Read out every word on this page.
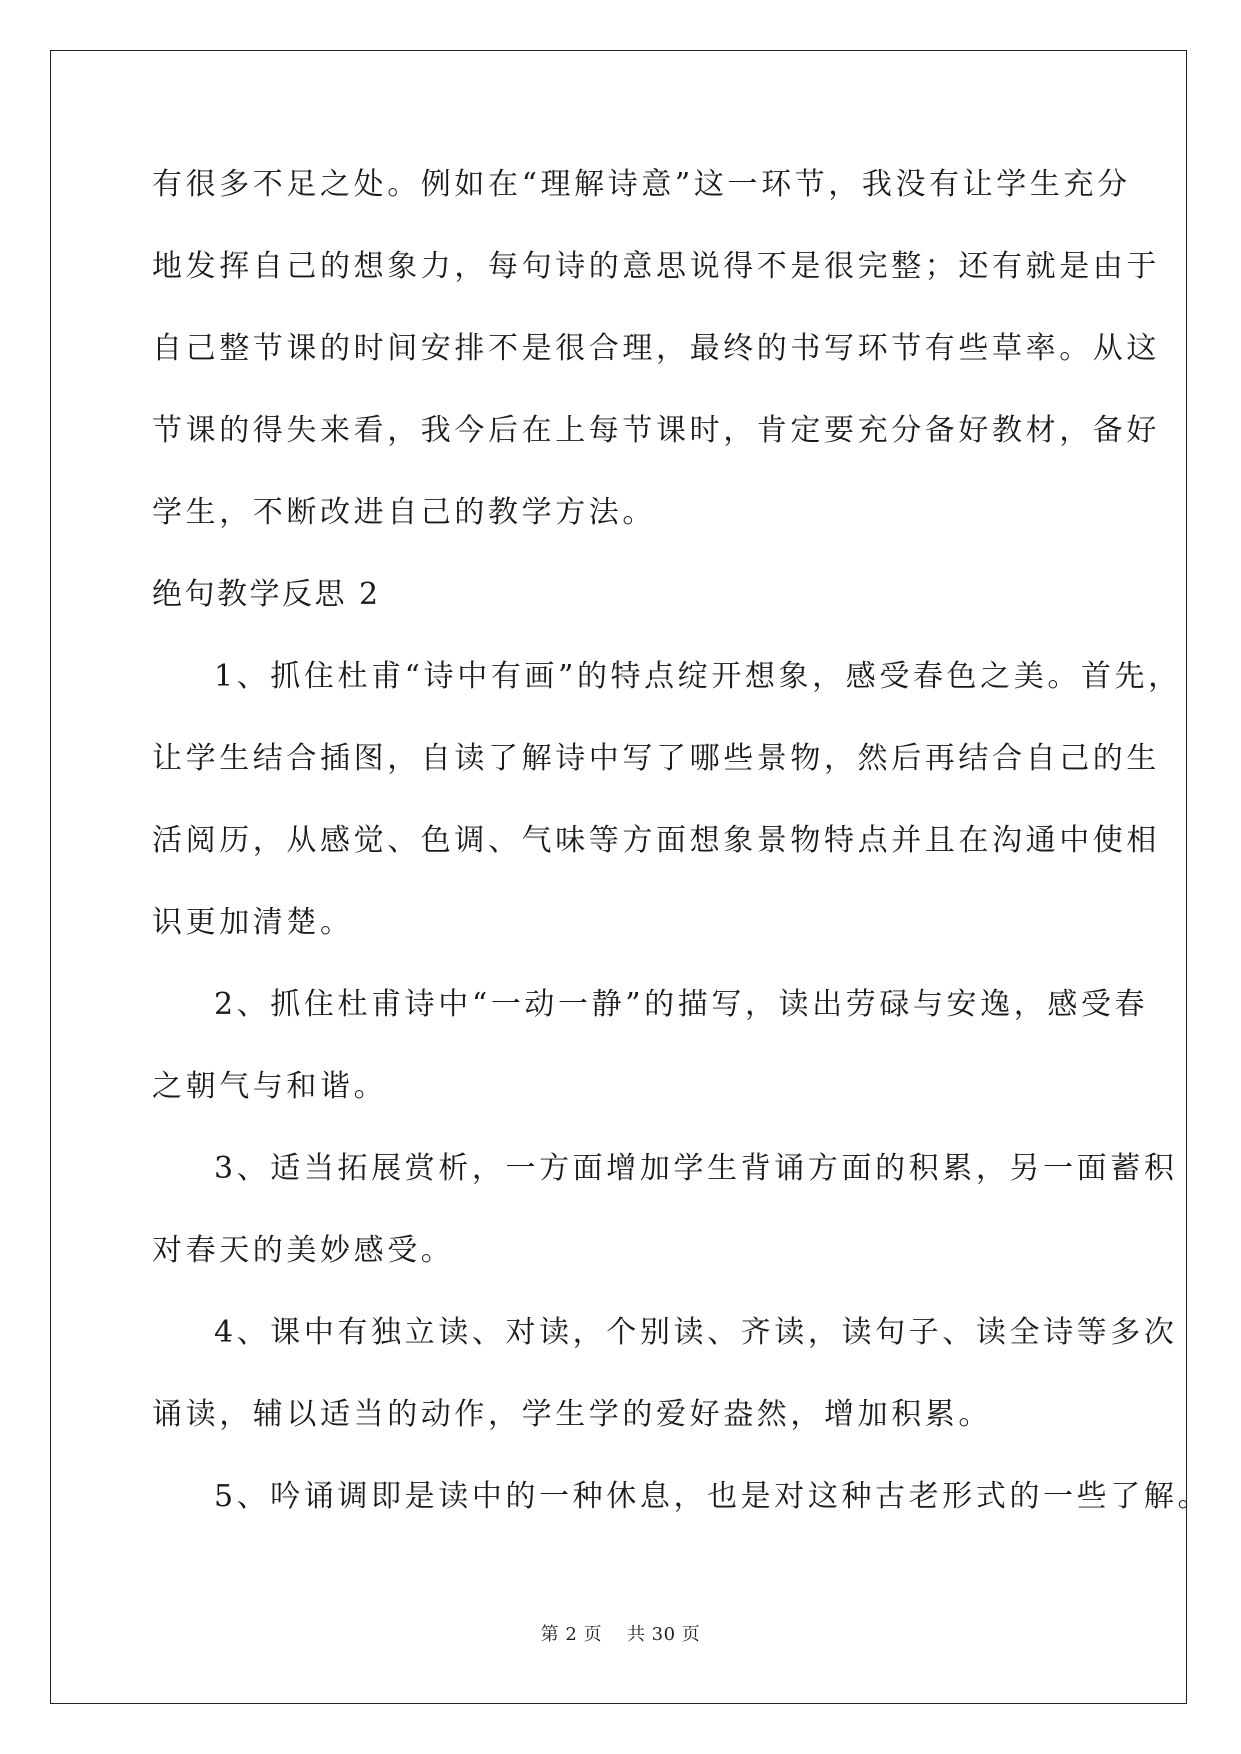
有很多不足之处。例如在“理解诗意”这一环节，我没有让学生充分
地发挥自己的想象力，每句诗的意思说得不是很完整；还有就是由于
自己整节课的时间安排不是很合理，最终的书写环节有些草率。从这
节课的得失来看，我今后在上每节课时，肯定要充分备好教材，备好
学生，不断改进自己的教学方法。
绝句教学反思 2
1、抓住杜甫“诗中有画”的特点绽开想象，感受春色之美。首先，
让学生结合插图，自读了解诗中写了哪些景物，然后再结合自己的生
活阅历，从感觉、色调、气味等方面想象景物特点并且在沟通中使相
识更加清楚。
2、抓住杜甫诗中“一动一静”的描写，读出劳碌与安逸，感受春
之朝气与和谐。
3、适当拓展赏析，一方面增加学生背诵方面的积累，另一面蓄积
对春天的美妙感受。
4、课中有独立读、对读，个别读、齐读，读句子、读全诗等多次
诵读，辅以适当的动作，学生学的爱好盎然，增加积累。
5、吟诵调即是读中的一种休息，也是对这种古老形式的一些了解。
第 2 页    共 30 页
